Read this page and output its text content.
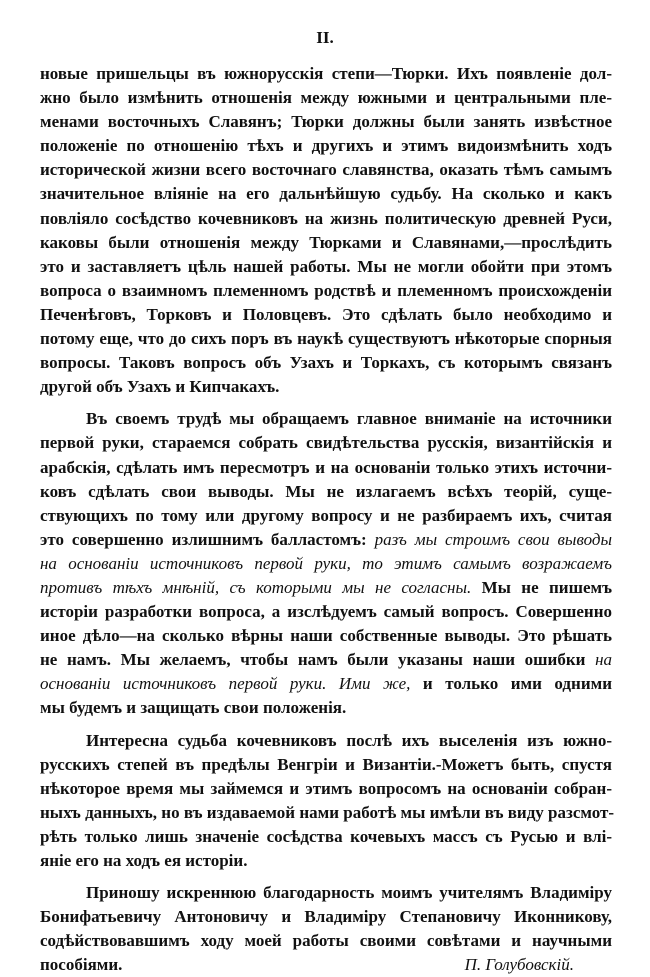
II.
новые пришельцы въ южнорусскія степи—Тюрки. Ихъ появленіе дол-
жно было измѣнить отношенія между южными и центральными пле-
менами восточныхъ Славянъ; Тюрки должны были занять извѣстное
положеніе по отношенію тѣхъ и другихъ и этимъ видоизмѣнить ходъ
исторической жизни всего восточнаго славянства, оказать тѣмъ самымъ
значительное вліяніе на его дальнѣйшую судьбу. На сколько и какъ
повліяло сосѣдство кочевниковъ на жизнь политическую древней Руси,
каковы были отношенія между Тюрками и Славянами,—прослѣдить
это и заставляетъ цѣль нашей работы. Мы не могли обойти при этомъ
вопроса о взаимномъ племенномъ родствѣ и племенномъ происхожденіи
Печенѣговъ, Торковъ и Половцевъ. Это сдѣлать было необходимо и
потому еще, что до сихъ поръ въ наукѣ существуютъ нѣкоторые спорныя
вопросы. Таковъ вопросъ объ Узахъ и Торкахъ, съ которымъ связанъ
другой объ Узахъ и Кипчакахъ.
Въ своемъ трудѣ мы обращаемъ главное вниманіе на источники
первой руки, стараемся собрать свидѣтельства русскія, византійскія и
арабскія, сдѣлать имъ пересмотръ и на основаніи только этихъ источни-
ковъ сдѣлать свои выводы. Мы не излагаемъ всѣхъ теорій, суще-
ствующихъ по тому или другому вопросу и не разбираемъ ихъ, считая
это совершенно излишнимъ балластомъ: разъ мы строимъ свои выводы
на основаніи источниковъ первой руки, то этимъ самымъ возражаемъ
противъ тѣхъ мнѣній, съ которыми мы не согласны. Мы не пишемъ
исторіи разработки вопроса, а изслѣдуемъ самый вопросъ. Совершенно
иное дѣло—на сколько вѣрны наши собственные выводы. Это рѣшать
не намъ. Мы желаемъ, чтобы намъ были указаны наши ошибки на
основаніи источниковъ первой руки. Ими же, и только ими одними
мы будемъ и защищать свои положенія.
Интересна судьба кочевниковъ послѣ ихъ выселенія изъ южно-
русскихъ степей въ предѣлы Венгріи и Византіи.-Можетъ быть, спустя
нѣкоторое время мы займемся и этимъ вопросомъ на основаніи собран-
ныхъ данныхъ, но въ издаваемой нами работѣ мы имѣли въ виду разсмот-
рѣть только лишь значеніе сосѣдства кочевыхъ массъ съ Русью и влі-
яніе его на ходъ ея исторіи.
Приношу искреннюю благодарность моимъ учителямъ Владиміру
Бонифатьевичу Антоновичу и Владиміру Степановичу Иконникову,
содѣйствовавшимъ ходу моей работы своими совѣтами и научными
пособіями.	П. Голубовскій.
